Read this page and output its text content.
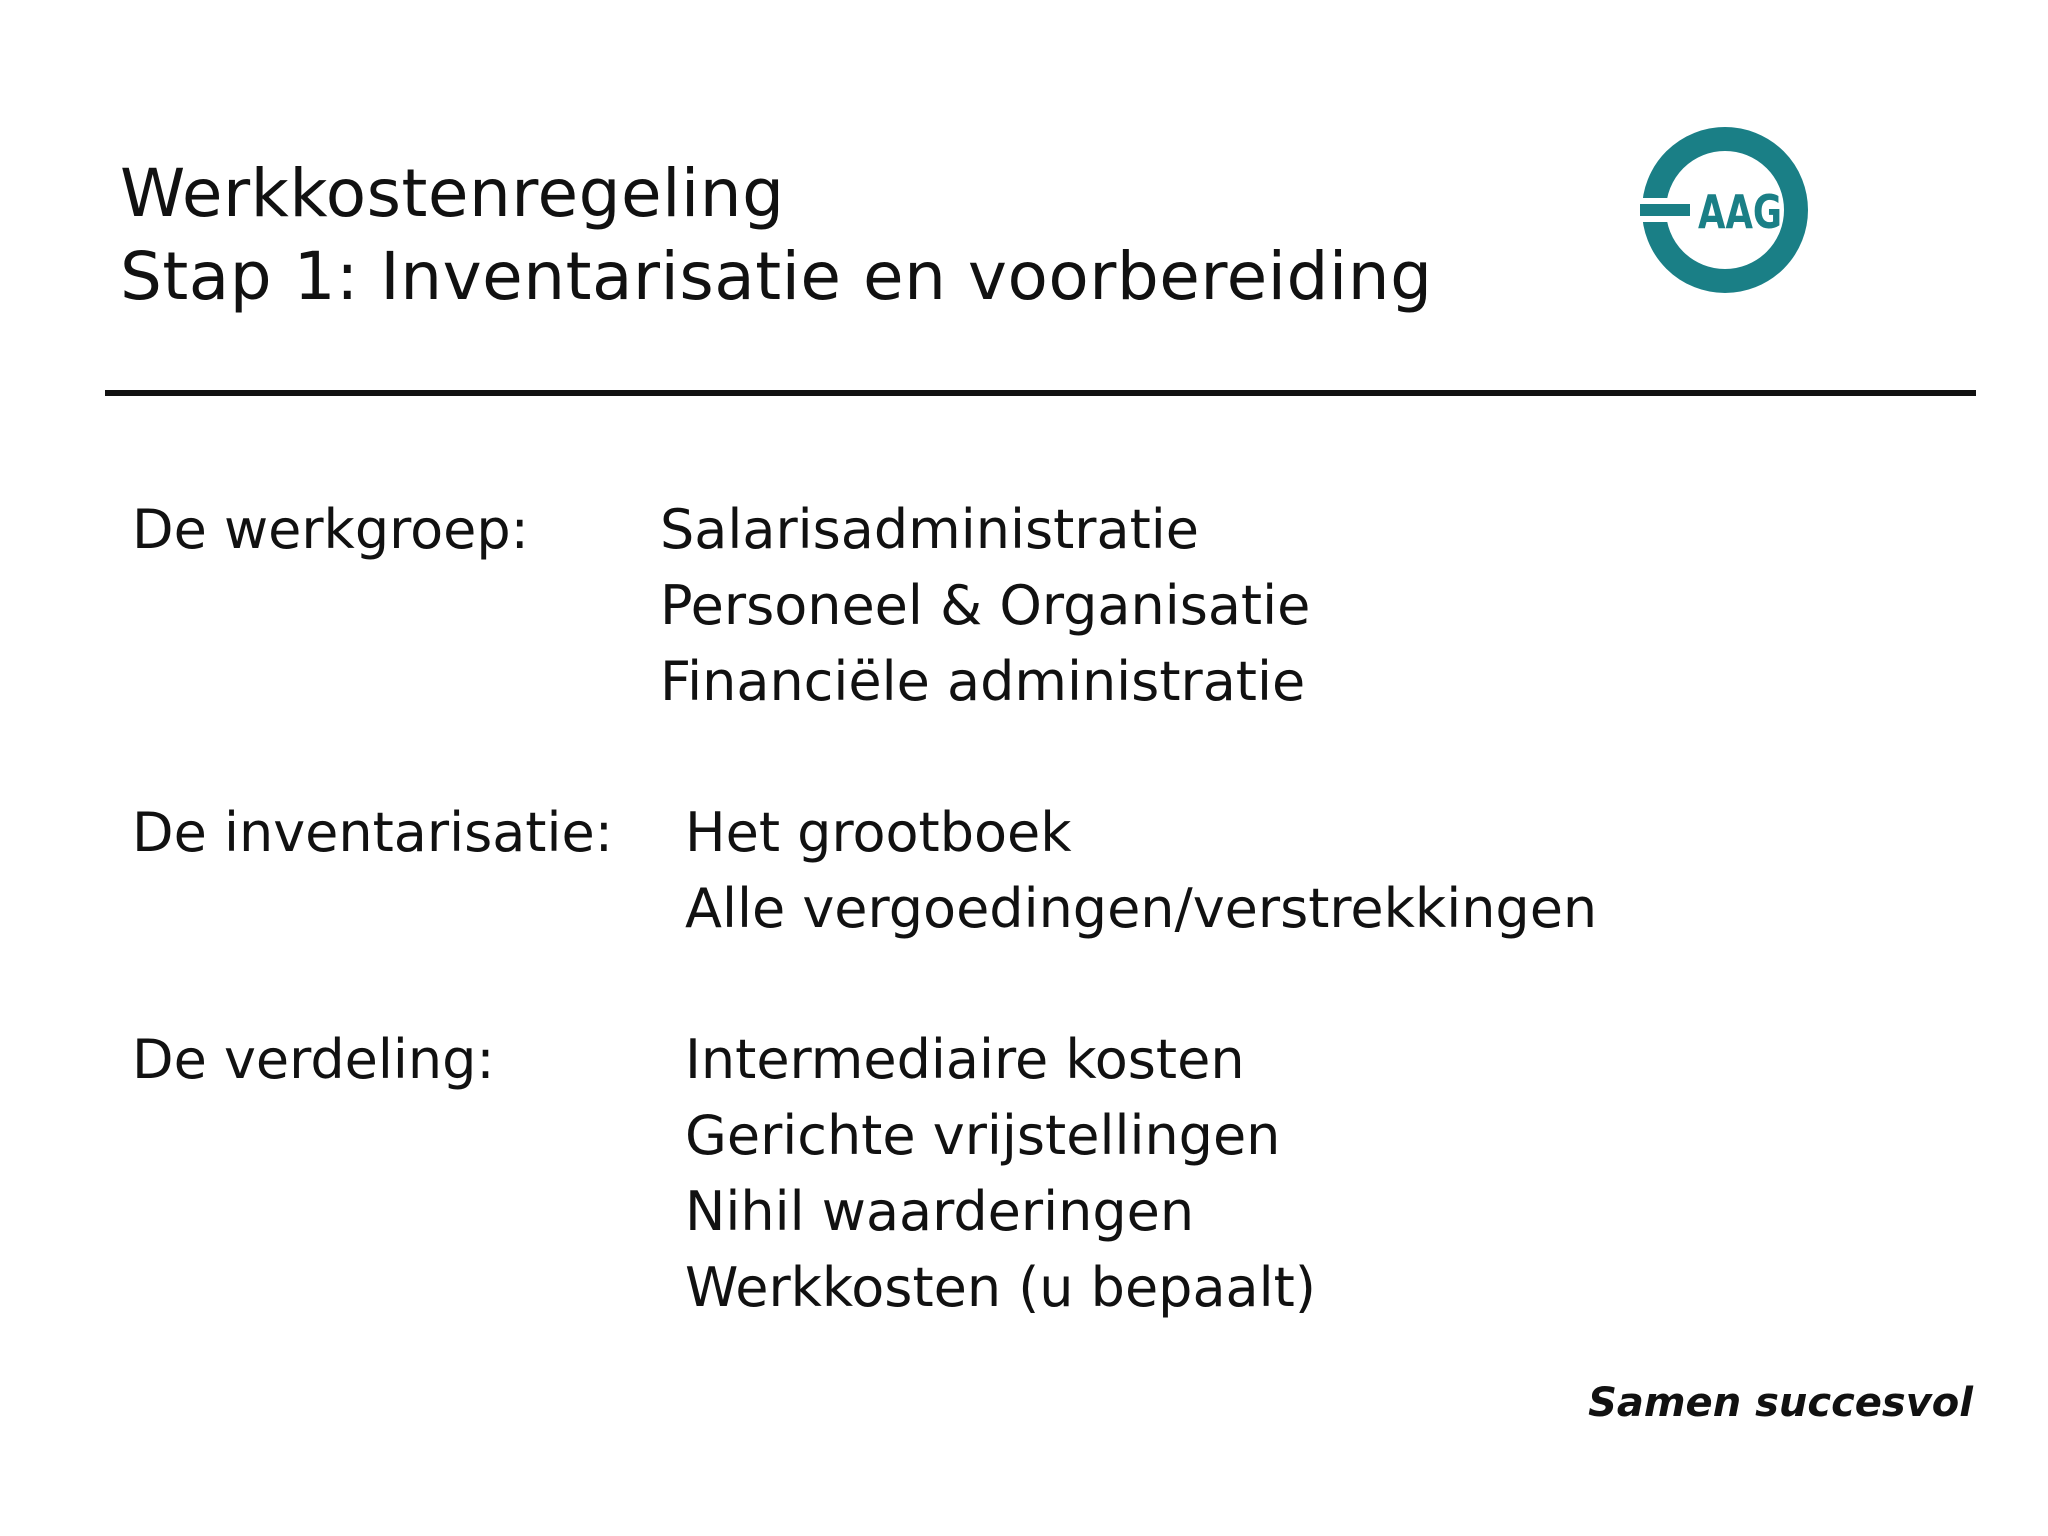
Werkkostenregeling
Stap 1: Inventarisatie en voorbereiding
AAG
De werkgroep: Salarisadministratie
Personeel & Organisatie
Financiële administratie
De inventarisatie: Het grootboek
Alle vergoedingen/verstrekkingen
De verdeling:	Intermediaire kosten
Gerichte vrijstellingen
Nihil waarderingen
Werkkosten (u bepaalt)
Samen succesvol
